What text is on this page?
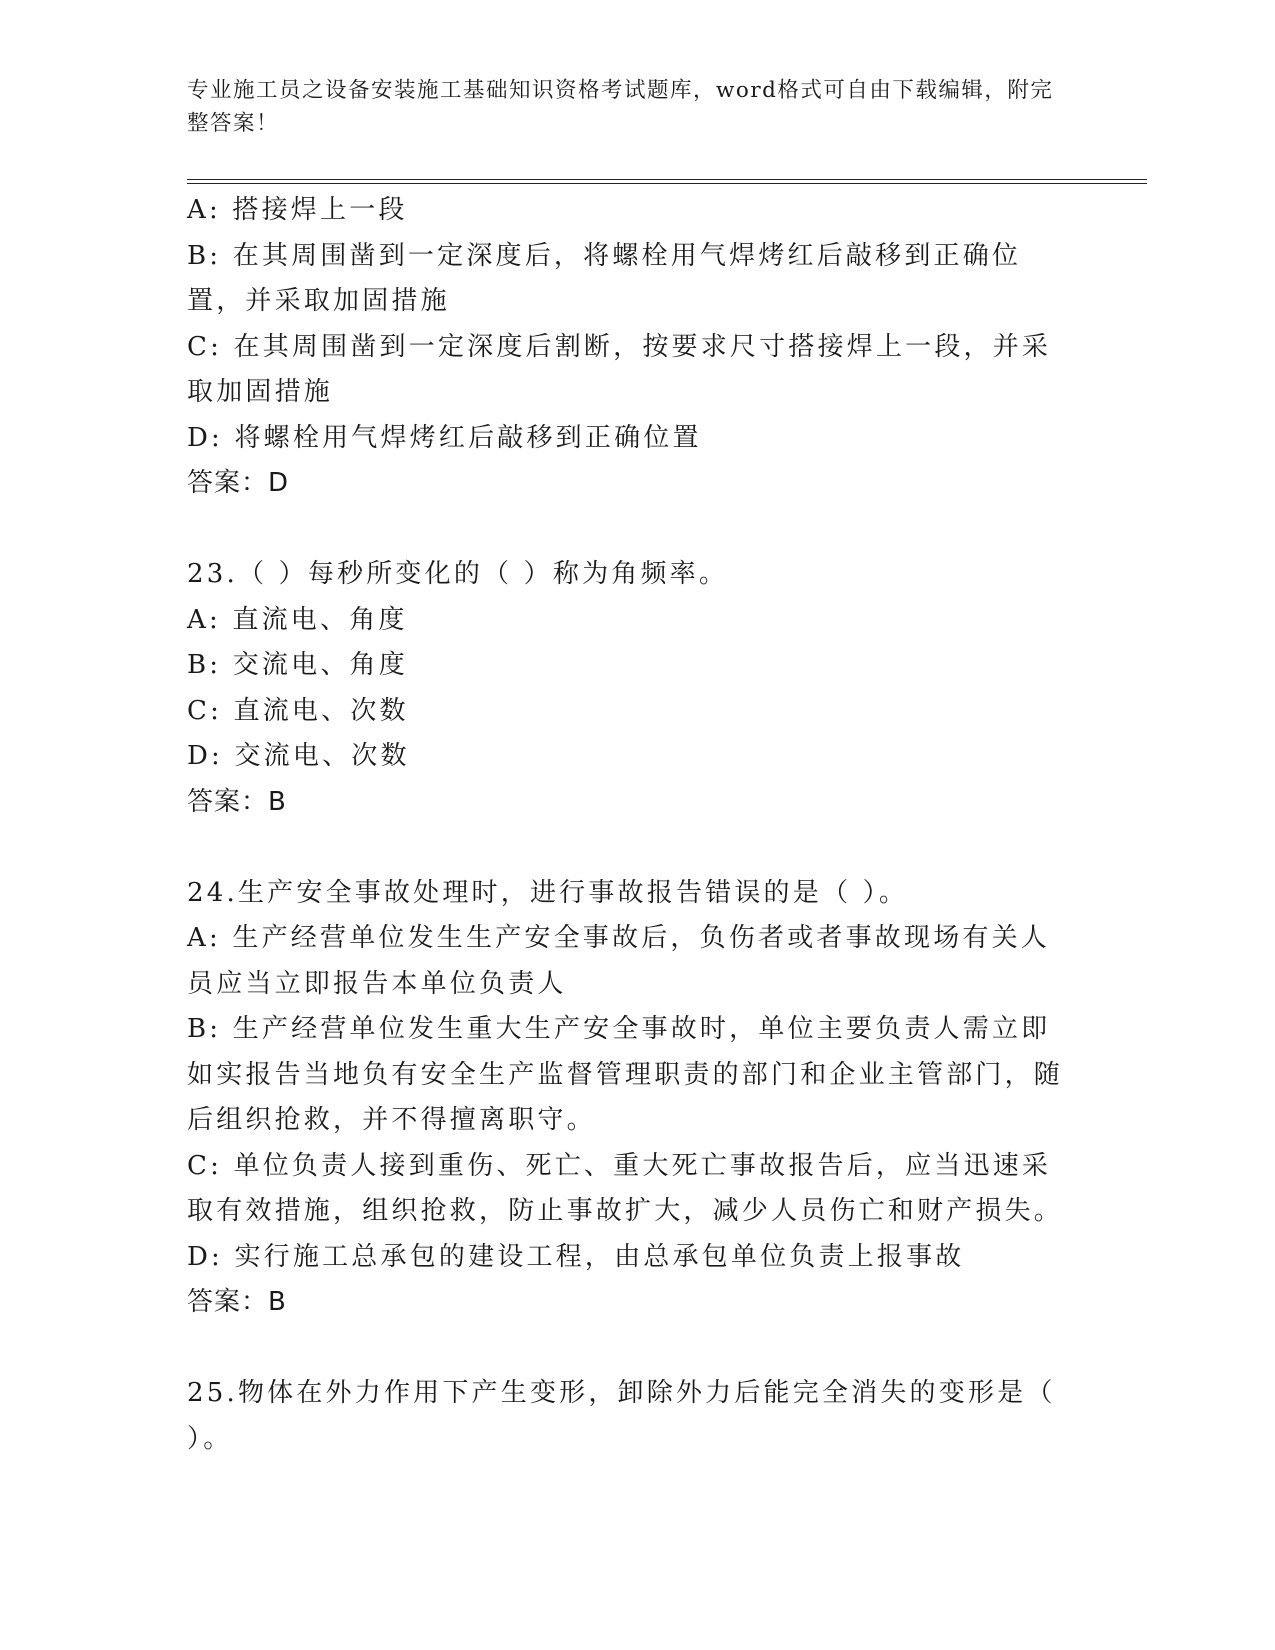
专业施工员之设备安装施工基础知识资格考试题库，word格式可自由下载编辑，附完整答案！

A: 搭接焊上一段

B: 在其周围凿到一定深度后，将螺栓用气焊烤红后敲移到正确位置，并采取加固措施

C: 在其周围凿到一定深度后割断，按要求尺寸搭接焊上一段，并采取加固措施

D: 将螺栓用气焊烤红后敲移到正确位置

答案：D

23.（ ）每秒所变化的（ ）称为角频率。

A: 直流电、角度

B: 交流电、角度

C: 直流电、次数

D: 交流电、次数

答案：B

24.生产安全事故处理时，进行事故报告错误的是（ ）。

A: 生产经营单位发生生产安全事故后，负伤者或者事故现场有关人员应当立即报告本单位负责人

B: 生产经营单位发生重大生产安全事故时，单位主要负责人需立即如实报告当地负有安全生产监督管理职责的部门和企业主管部门，随后组织抢救，并不得擅离职守。

C: 单位负责人接到重伤、死亡、重大死亡事故报告后，应当迅速采取有效措施，组织抢救，防止事故扩大，减少人员伤亡和财产损失。

D: 实行施工总承包的建设工程，由总承包单位负责上报事故

答案：B

25.物体在外力作用下产生变形，卸除外力后能完全消失的变形是（ ）。
